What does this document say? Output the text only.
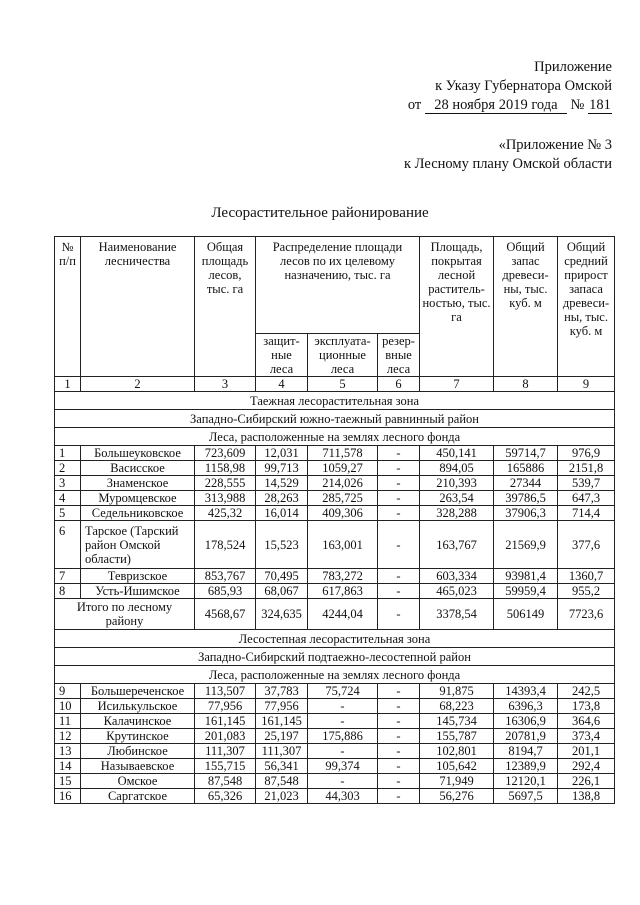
Приложение
к Указу Губернатора Омской
от 28 ноября 2019 года № 181
«Приложение № 3
к Лесному плану Омской области
Лесорастительное районирование
№ п/п	Наименование лесничества	Общая площадь лесов, тыс. га	Распределение площади лесов по их целевому назначению, тыс. га			Площадь, покрытая лесной раститель-ностью, тыс. га	Общий запас древеси-ны, тыс. куб. м	Общий средний прирост запаса древеси-ны, тыс. куб. м
			защит-ные леса	эксплуата-ционные леса	резер-вные леса			
1	2	3	4	5	6	7	8	9
Таежная лесорастительная зона								
Западно-Сибирский южно-таежный равнинный район								
Леса, расположенные на землях лесного фонда								
1	Большеуковское	723,609	12,031	711,578	-	450,141	59714,7	976,9
2	Васисское	1158,98	99,713	1059,27	-	894,05	165886	2151,8
3	Знаменское	228,555	14,529	214,026	-	210,393	27344	539,7
4	Муромцевское	313,988	28,263	285,725	-	263,54	39786,5	647,3
5	Седельниковское	425,32	16,014	409,306	-	328,288	37906,3	714,4
6	Тарское (Тарский район Омской области)	178,524	15,523	163,001	-	163,767	21569,9	377,6
7	Тевризское	853,767	70,495	783,272	-	603,334	93981,4	1360,7
8	Усть-Ишимское	685,93	68,067	617,863	-	465,023	59959,4	955,2
Итого по лесному району		4568,67	324,635	4244,04	-	3378,54	506149	7723,6
Лесостепная лесорастительная зона								
Западно-Сибирский подтаежно-лесостепной район								
Леса, расположенные на землях лесного фонда								
9	Большереченское	113,507	37,783	75,724	-	91,875	14393,4	242,5
10	Исилькульское	77,956	77,956	-	-	68,223	6396,3	173,8
11	Калачинское	161,145	161,145	-	-	145,734	16306,9	364,6
12	Крутинское	201,083	25,197	175,886	-	155,787	20781,9	373,4
13	Любинское	111,307	111,307	-	-	102,801	8194,7	201,1
14	Называевское	155,715	56,341	99,374	-	105,642	12389,9	292,4
15	Омское	87,548	87,548	-	-	71,949	12120,1	226,1
16	Саргатское	65,326	21,023	44,303	-	56,276	5697,5	138,8
